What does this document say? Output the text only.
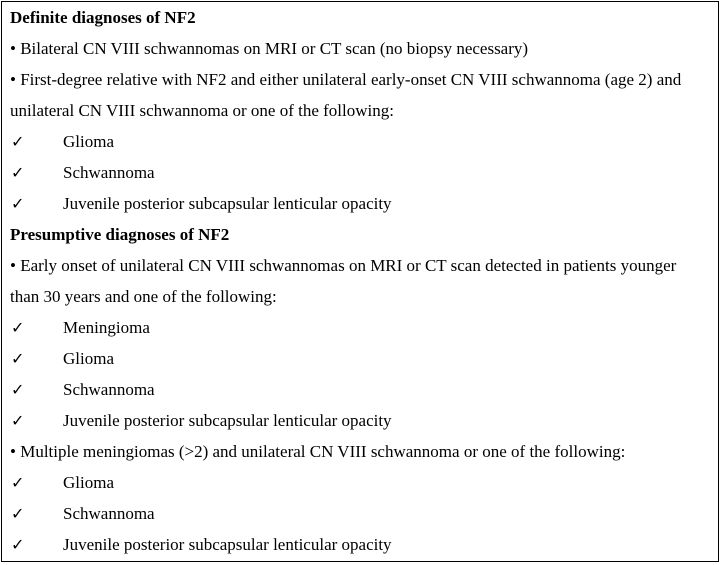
Definite diagnoses of NF2
• Bilateral CN VIII schwannomas on MRI or CT scan (no biopsy necessary)
• First-degree relative with NF2 and either unilateral early-onset CN VIII schwannoma (age 2) and
unilateral CN VIII schwannoma or one of the following:
✓ Glioma
✓ Schwannoma
✓ Juvenile posterior subcapsular lenticular opacity
Presumptive diagnoses of NF2
• Early onset of unilateral CN VIII schwannomas on MRI or CT scan detected in patients younger
than 30 years and one of the following:
✓ Meningioma
✓ Glioma
✓ Schwannoma
✓ Juvenile posterior subcapsular lenticular opacity
• Multiple meningiomas (>2) and unilateral CN VIII schwannoma or one of the following:
✓ Glioma
✓ Schwannoma
✓ Juvenile posterior subcapsular lenticular opacity
